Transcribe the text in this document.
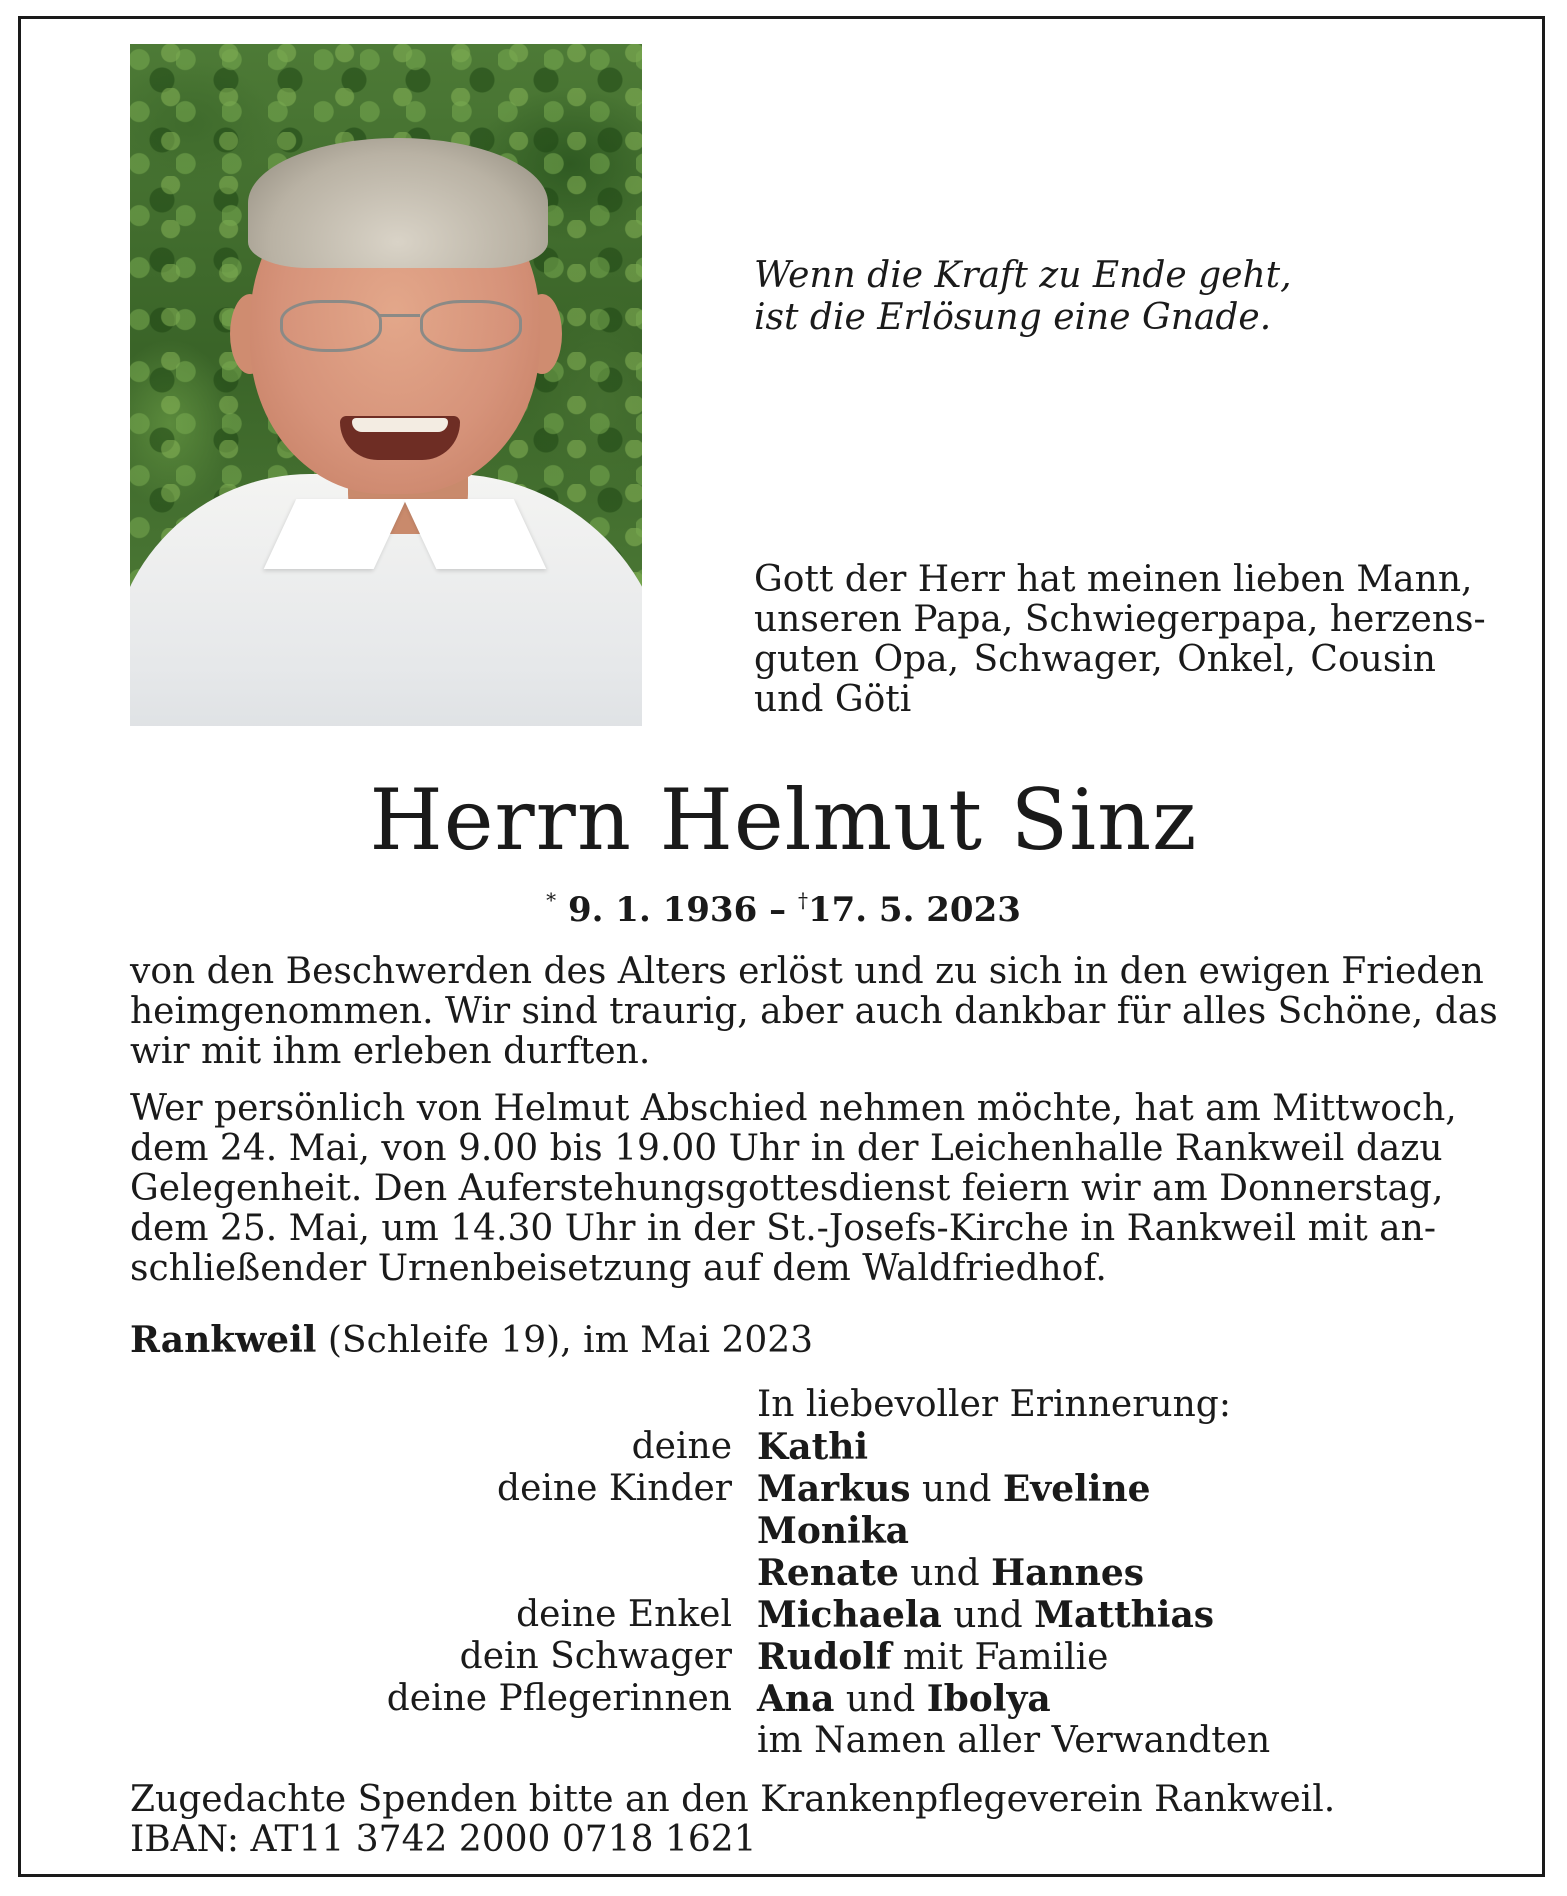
Wenn die Kraft zu Ende geht,
ist die Erlösung eine Gnade.
Gott der Herr hat meinen lieben Mann,
unseren Papa, Schwiegerpapa, herzens-
guten Opa, Schwager, Onkel, Cousin
und Göti
Herrn Helmut Sinz
* 9. 1. 1936 – †17. 5. 2023
von den Beschwerden des Alters erlöst und zu sich in den ewigen Frieden
heimgenommen. Wir sind traurig, aber auch dankbar für alles Schöne, das
wir mit ihm erleben durften.
Wer persönlich von Helmut Abschied nehmen möchte, hat am Mittwoch,
dem 24. Mai, von 9.00 bis 19.00 Uhr in der Leichenhalle Rankweil dazu
Gelegenheit. Den Auferstehungsgottesdienst feiern wir am Donnerstag,
dem 25. Mai, um 14.30 Uhr in der St.-Josefs-Kirche in Rankweil mit an-
schließender Urnenbeisetzung auf dem Waldfriedhof.
Rankweil (Schleife 19), im Mai 2023
In liebevoller Erinnerung:
deine Kathi
deine Kinder Markus und Eveline
Monika
Renate und Hannes
deine Enkel Michaela und Matthias
dein Schwager Rudolf mit Familie
deine Pflegerinnen Ana und Ibolya
im Namen aller Verwandten
Zugedachte Spenden bitte an den Krankenpflegeverein Rankweil.
IBAN: AT11 3742 2000 0718 1621
